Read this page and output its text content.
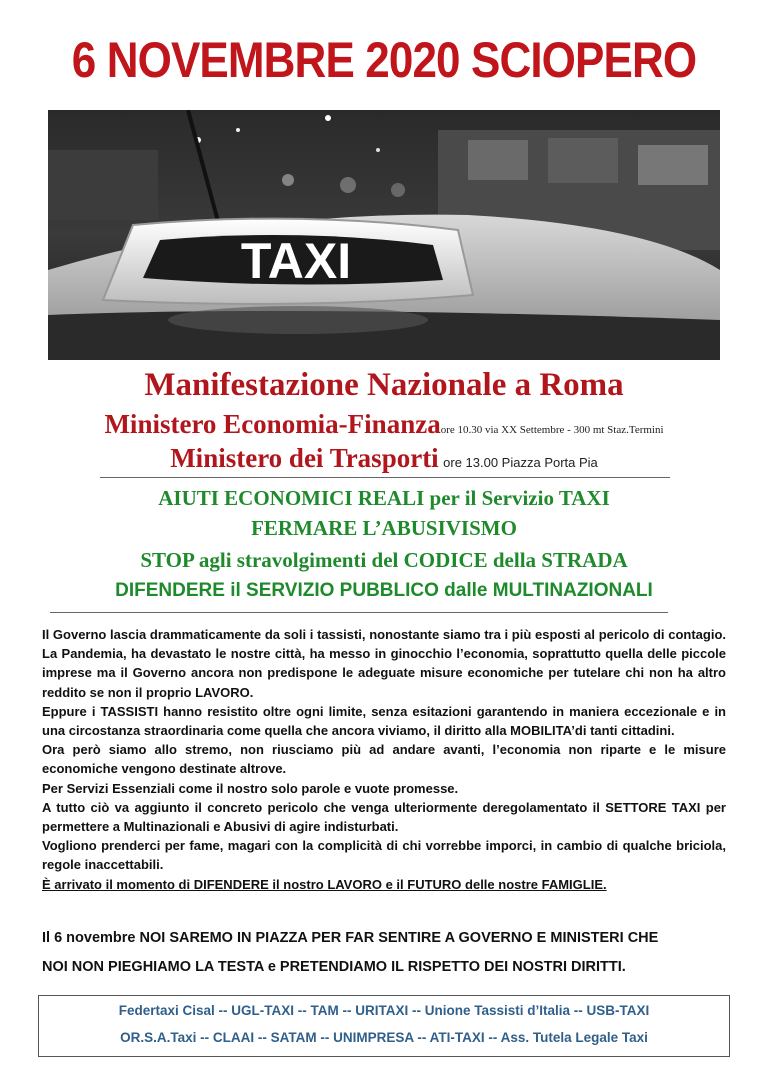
6 NOVEMBRE 2020 SCIOPERO
TAXI
Manifestazione Nazionale a Roma
Ministero Economia-Finanzaore 10.30 via XX Settembre - 300 mt Staz.Termini
Ministero dei Trasporti ore 13.00 Piazza Porta Pia
AIUTI ECONOMICI REALI per il Servizio TAXI
FERMARE L’ABUSIVISMO
STOP agli stravolgimenti del CODICE della STRADA
DIFENDERE il SERVIZIO PUBBLICO dalle MULTINAZIONALI

Il Governo lascia drammaticamente da soli i tassisti, nonostante siamo tra i più esposti al pericolo di contagio. La Pandemia, ha devastato le nostre città, ha messo in ginocchio l’economia, soprattutto quella delle piccole imprese ma il Governo ancora non predispone le adeguate misure economiche per tutelare chi non ha altro reddito se non il proprio LAVORO.

Eppure i TASSISTI hanno resistito oltre ogni limite, senza esitazioni garantendo in maniera eccezionale e in una circostanza straordinaria come quella che ancora viviamo, il diritto alla MOBILITA’di tanti cittadini.

Ora però siamo allo stremo, non riusciamo più ad andare avanti, l’economia non riparte e le misure economiche vengono destinate altrove.

Per Servizi Essenziali come il nostro solo parole e vuote promesse.

A tutto ciò va aggiunto il concreto pericolo che venga ulteriormente deregolamentato il SETTORE TAXI per permettere a Multinazionali e Abusivi di agire indisturbati.

Vogliono prenderci per fame, magari con la complicità di chi vorrebbe imporci, in cambio di qualche briciola, regole inaccettabili.

È arrivato il momento di DIFENDERE il nostro LAVORO e il FUTURO delle nostre FAMIGLIE.

Il 6 novembre NOI SAREMO IN PIAZZA PER FAR SENTIRE A GOVERNO E MINISTERI CHE

NOI NON PIEGHIAMO LA TESTA e PRETENDIAMO IL RISPETTO DEI NOSTRI DIRITTI.

Federtaxi Cisal -- UGL-TAXI -- TAM -- URITAXI -- Unione Tassisti d’Italia -- USB-TAXI
OR.S.A.Taxi -- CLAAI -- SATAM -- UNIMPRESA -- ATI-TAXI -- Ass. Tutela Legale Taxi
